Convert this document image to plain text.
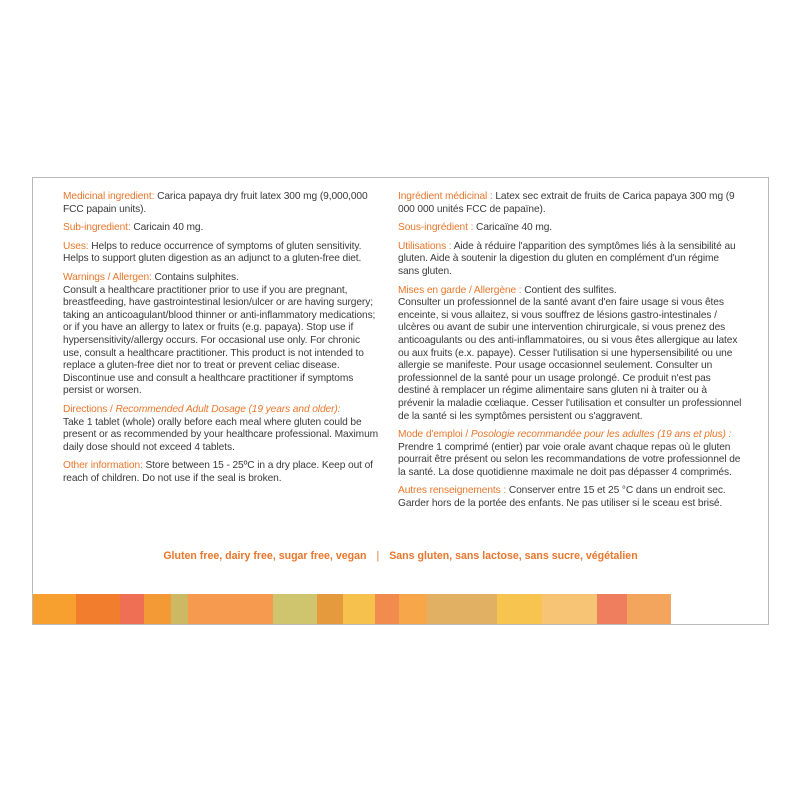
Medicinal ingredient: Carica papaya dry fruit latex 300 mg (9,000,000 FCC papain units).
Sub-ingredient: Caricain 40 mg.
Uses: Helps to reduce occurrence of symptoms of gluten sensitivity. Helps to support gluten digestion as an adjunct to a gluten-free diet.
Warnings / Allergen: Contains sulphites.
Consult a healthcare practitioner prior to use if you are pregnant, breastfeeding, have gastrointestinal lesion/ulcer or are having surgery; taking an anticoagulant/blood thinner or anti-inflammatory medications; or if you have an allergy to latex or fruits (e.g. papaya). Stop use if hypersensitivity/allergy occurs. For occasional use only. For chronic use, consult a healthcare practitioner. This product is not intended to replace a gluten-free diet nor to treat or prevent celiac disease. Discontinue use and consult a healthcare practitioner if symptoms persist or worsen.
Directions / Recommended Adult Dosage (19 years and older):
Take 1 tablet (whole) orally before each meal where gluten could be present or as recommended by your healthcare professional. Maximum daily dose should not exceed 4 tablets.
Other information: Store between 15 - 25ºC in a dry place. Keep out of reach of children. Do not use if the seal is broken.
Ingrédient médicinal : Latex sec extrait de fruits de Carica papaya 300 mg (9 000 000 unités FCC de papaïne).
Sous-ingrédient : Caricaïne 40 mg.
Utilisations : Aide à réduire l'apparition des symptômes liés à la sensibilité au gluten. Aide à soutenir la digestion du gluten en complément d'un régime sans gluten.
Mises en garde / Allergène : Contient des sulfites.
Consulter un professionnel de la santé avant d'en faire usage si vous êtes enceinte, si vous allaitez, si vous souffrez de lésions gastro-intestinales / ulcères ou avant de subir une intervention chirurgicale, si vous prenez des anticoagulants ou des anti-inflammatoires, ou si vous êtes allergique au latex ou aux fruits (e.x. papaye). Cesser l'utilisation si une hypersensibilité ou une allergie se manifeste. Pour usage occasionnel seulement. Consulter un professionnel de la santé pour un usage prolongé. Ce produit n'est pas destiné à remplacer un régime alimentaire sans gluten ni à traiter ou à prévenir la maladie cœliaque. Cesser l'utilisation et consulter un professionnel de la santé si les symptômes persistent ou s'aggravent.
Mode d'emploi / Posologie recommandée pour les adultes (19 ans et plus) :
Prendre 1 comprimé (entier) par voie orale avant chaque repas où le gluten pourrait être présent ou selon les recommandations de votre professionnel de la santé. La dose quotidienne maximale ne doit pas dépasser 4 comprimés.
Autres renseignements : Conserver entre 15 et 25 °C dans un endroit sec. Garder hors de la portée des enfants. Ne pas utiliser si le sceau est brisé.
Gluten free, dairy free, sugar free, vegan | Sans gluten, sans lactose, sans sucre, végétalien
